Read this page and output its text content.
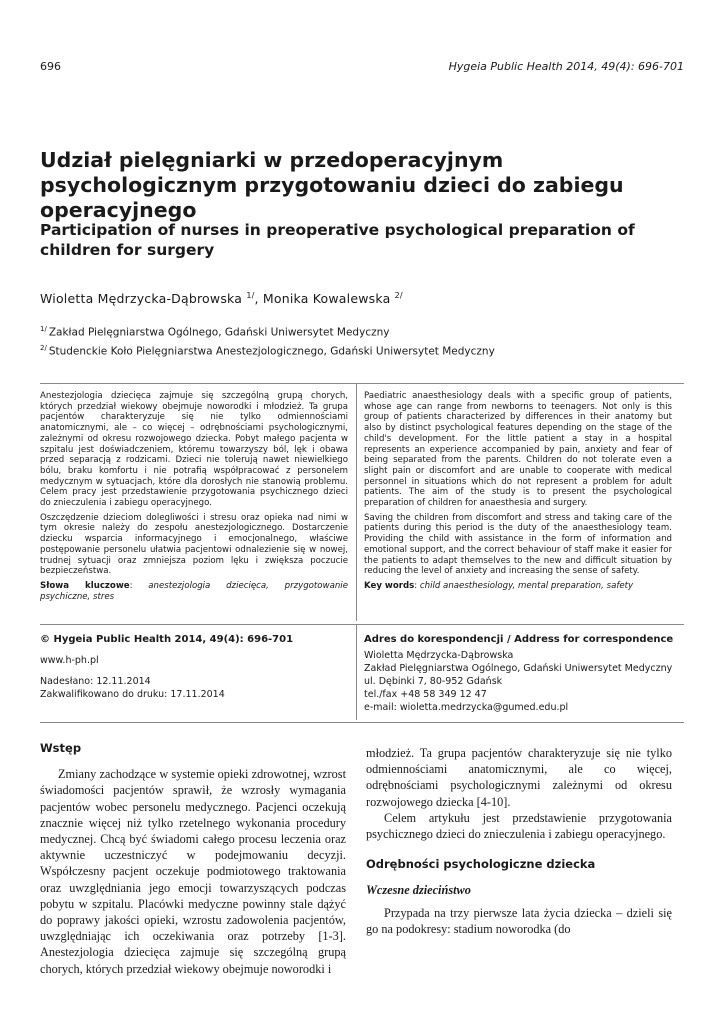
696	Hygeia Public Health 2014, 49(4): 696-701
Udział pielęgniarki w przedoperacyjnym psychologicznym przygotowaniu dzieci do zabiegu operacyjnego
Participation of nurses in preoperative psychological preparation of children for surgery
Wioletta Mędrzycka-Dąbrowska $^{1/}$, Monika Kowalewska $^{2/}$
$^{1/}$ Zakład Pielęgniarstwa Ogólnego, Gdański Uniwersytet Medyczny
$^{2/}$ Studenckie Koło Pielęgniarstwa Anestezjologicznego, Gdański Uniwersytet Medyczny

Anestezjologia dziecięca zajmuje się szczególną grupą chorych, których przedział wiekowy obejmuje noworodki i młodzież. Ta grupa pacjentów charakteryzuje się nie tylko odmiennościami anatomicznymi, ale – co więcej – odrębnościami psychologicznymi, zależnymi od okresu rozwojowego dziecka. Pobyt małego pacjenta w szpitalu jest doświadczeniem, któremu towarzyszy ból, lęk i obawa przed separacją z rodzicami. Dzieci nie tolerują nawet niewielkiego bólu, braku komfortu i nie potrafią współpracować z personelem medycznym w sytuacjach, które dla dorosłych nie stanowią problemu. Celem pracy jest przedstawienie przygotowania psychicznego dzieci do znieczulenia i zabiegu operacyjnego.

Oszczędzenie dzieciom dolegliwości i stresu oraz opieka nad nimi w tym okresie należy do zespołu anestezjologicznego. Dostarczenie dziecku wsparcia informacyjnego i emocjonalnego, właściwe postępowanie personelu ułatwia pacjentowi odnalezienie się w nowej, trudnej sytuacji oraz zmniejsza poziom lęku i zwiększa poczucie bezpieczeństwa.

Słowa kluczowe: anestezjologia dziecięca, przygotowanie psychiczne, stres

Paediatric anaesthesiology deals with a specific group of patients, whose age can range from newborns to teenagers. Not only is this group of patients characterized by differences in their anatomy but also by distinct psychological features depending on the stage of the child's development. For the little patient a stay in a hospital represents an experience accompanied by pain, anxiety and fear of being separated from the parents. Children do not tolerate even a slight pain or discomfort and are unable to cooperate with medical personnel in situations which do not represent a problem for adult patients. The aim of the study is to present the psychological preparation of children for anaesthesia and surgery.

Saving the children from discomfort and stress and taking care of the patients during this period is the duty of the anaesthesiology team. Providing the child with assistance in the form of information and emotional support, and the correct behaviour of staff make it easier for the patients to adapt themselves to the new and difficult situation by reducing the level of anxiety and increasing the sense of safety.

Key words: child anaesthesiology, mental preparation, safety

© Hygeia Public Health 2014, 49(4): 696-701
www.h-ph.pl
Nadesłano: 12.11.2014
Zakwalifikowano do druku: 17.11.2014
Adres do korespondencji / Address for correspondence
Wioletta Mędrzycka-Dąbrowska
Zakład Pielęgniarstwa Ogólnego, Gdański Uniwersytet Medyczny
ul. Dębinki 7, 80-952 Gdańsk
tel./fax +48 58 349 12 47
e-mail: wioletta.medrzycka@gumed.edu.pl
Wstęp

Zmiany zachodzące w systemie opieki zdrowotnej, wzrost świadomości pacjentów sprawił, że wzrosły wymagania pacjentów wobec personelu medycznego. Pacjenci oczekują znacznie więcej niż tylko rzetelnego wykonania procedury medycznej. Chcą być świadomi całego procesu leczenia oraz aktywnie uczestniczyć w podejmowaniu decyzji. Współczesny pacjent oczekuje podmiotowego traktowania oraz uwzględniania jego emocji towarzyszących podczas pobytu w szpitalu. Placówki medyczne powinny stale dążyć do poprawy jakości opieki, wzrostu zadowolenia pacjentów, uwzględniając ich oczekiwania oraz potrzeby [1-3]. Anestezjologia dziecięca zajmuje się szczególną grupą chorych, których przedział wiekowy obejmuje noworodki i

młodzież. Ta grupa pacjentów charakteryzuje się nie tylko odmiennościami anatomicznymi, ale co więcej, odrębnościami psychologicznymi zależnymi od okresu rozwojowego dziecka [4-10].

Celem artykułu jest przedstawienie przygotowania psychicznego dzieci do znieczulenia i zabiegu operacyjnego.

Odrębności psychologiczne dziecka
Wczesne dzieciństwo

Przypada na trzy pierwsze lata życia dziecka – dzieli się go na podokresy: stadium noworodka (do
